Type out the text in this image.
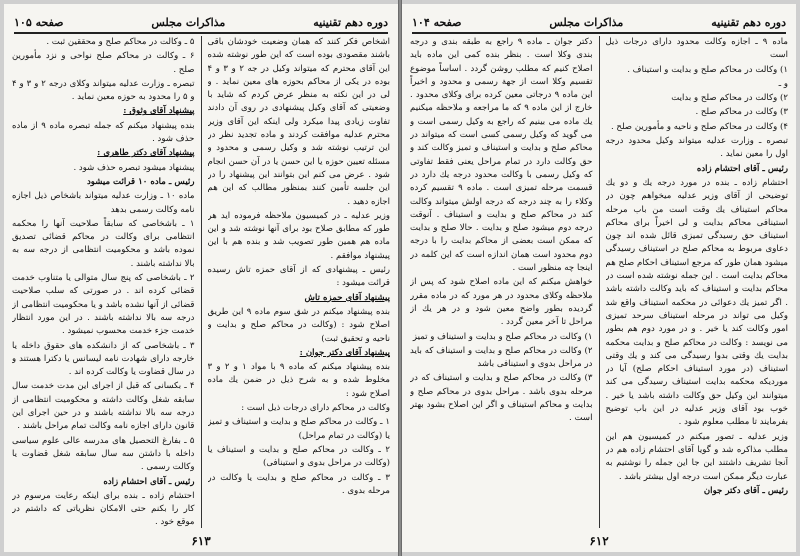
دوره دهم تقنينيه
مذاكرات مجلس
صفحه ۱۰۵

اشخاص فكر كنند كه همان وضعيت خودشان باقى باشند مقصودى بوده است كه اين طور نوشته شده اين آقاى محترم كه ميتواند وكيل در جه ۲ و ۳ و ۴ بوده در يكى از محاكم بحوزه هاى معين نمايد . و لى در اين نكته به منظر عرض كردم كه شايد با وضعيتى كه آقاى وكيل پيشنهادى در روى آن دادند تفاوت زيادى پيدا ميكرد ولى اينكه اين آقاى وزير محترم عدليه موافقت كردند و ماده تجديد نظر در اين ترتيب نوشته شد و وكيل رسمى و محدود و مسئله تعيين حوزه يا اين حسن يا در آن حسن انجام شود . عرض مى كنم اين بتوانند اين پيشنهاد را در اين جلسه تأمين كنند بمنظور مطالب كه اين هم اجازه دهيد .

وزير عدليه ـ در كميسيون ملاحظه فرموده ايد هر طور كه مطابق صلاح بود براى آنها نوشته شد و اين ماده هم همين طور تصويب شد و بنده هم با اين پيشنهاد موافقم .

رئيس ـ پيشنهادى كه از آقاى حمزه تاش رسيده قرائت ميشود :

پيشنهاد آقاى حمزه تاش

بنده پيشنهاد ميكنم در شق سوم ماده ۹ اين طريق اصلاح شود : (وكالت در محاكم صلح و بدايت و ناحيه و تحقيق ثبت)

پيشنهاد آقاى دكتر جوان :

بنده پيشنهاد ميكنم كه ماده ۹ با مواد ۱ و ۲ و ۳ مخلوط شده و به شرح ذيل در ضمن يك ماده اصلاح شود :

وكالت در محاكم داراى درجات ذيل است :

۱ ـ وكالت در محاكم صلح و بدايت و استيناف و تميز يا (وكالت در تمام مراحل)

۲ ـ وكالت در محاكم صلح و بدايت و استيناف يا (وكالت در مراحل بدوى و استينافى)

۳ ـ وكالت در محاكم صلح و بدايت يا وكالت در مرحله بدوى .

۵ ـ وكالت در محاكم صلح و محققين ثبت .

۶ ـ وكالت در محاكم صلح نواحى و نزد مأمورين صلح .

تبصره ـ وزارت عدليه ميتواند وكلاى درجه ۲ و ۳ و ۴ و ۵ را محدود به حوزه معين نمايد .

پيشنهاد آقاى وثوق :

بنده پيشنهاد ميكنم كه جمله تبصره ماده ۹ از ماده حذف شود .

پيشنهاد آقاى دكتر طاهرى :

پيشنهاد ميشود تبصره حذف شود .

رئيس ـ ماده ۱۰ قرائت ميشود

ماده ۱۰ ـ وزارت عدليه ميتواند باشخاص ذيل اجازه نامه وكالت رسمى بدهد

۱ ـ باشخاصى كه سابقاً صلاحيت آنها را محكمه انتظامى براى وكالت در محاكم قضائى تصديق نموده باشد و محكوميت انتظامى از درجه سه به بالا نداشته باشند .

۲ ـ باشخاصى كه پنج سال متوالى يا متناوب خدمت قضائى كرده اند . در صورتى كه سلب صلاحيت قضائى از آنها نشده باشد و يا محكوميت انتظامى از درجه سه بالا نداشته باشند . در اين مورد انتظار خدمت جزء خدمت محسوب نميشود .

۳ ـ باشخاصى كه از دانشكده هاى حقوق داخله يا خارجه داراى شهادت نامه ليسانس يا دكترا هستند و در سال قضاوت يا وكالت كرده اند .

۴ ـ بكسانى كه قبل از اجراى اين مدت خدمت سال سابقه شغل وكالت داشته و محكوميت انتظامى از درجه سه بالا نداشته باشند و در حين اجراى اين قانون داراى اجازه نامه وكالت تمام مراحل باشند .

۵ ـ بفارغ التحصيل هاى مدرسه عالى علوم سياسى داخله با داشتن سه سال سابقه شغل قضاوت يا وكالت رسمى .

رئيس ـ آقاى احتشام زاده

احتشام زاده ـ بنده براى اينكه رعايت مرسوم در كار را بكنم حتى الامكان نظرياتى كه داشتم در موقع خود .

۶۱۳
دوره دهم تقنينيه
مذاكرات مجلس
صفحه ۱۰۴

ماده ۹ ـ اجازه وكالت محدود داراى درجات ذيل است

۱) وكالت در محاكم صلح و بدايت و استيناف .

و ـ

۲) وكالت در محاكم صلح و بدايت

۳) وكالت در محاكم صلح .

۴) وكالت در محاكم صلح و ناحيه و مأمورين صلح .

تبصره ـ وزارت عدليه ميتواند وكيل محدود درجه اول را معين نمايد .

رئيس ـ آقاى احتشام زاده

احتشام زاده ـ بنده در مورد درجه يك و دو يك توضيحى از آقاى وزير عدليه ميخواهم چون در محاكم استيناف يك وقت است من باب مرحله استينافى محاكم بدايت و لى اخيراً براى محاكم استيناف حق رسيدگى تميزى قائل شده اند چون دعاوى مربوط به محاكم صلح در استيناف رسيدگى ميشود همان طور كه مرجع استيناف احكام صلح هم محاكم بدايت است . اين جمله نوشته شده است در محاكم بدايت و استيناف كه بايد وكالت داشته باشد . اگر تميز يك دعوائى در محكمه استيناف واقع شد وكيل مى تواند در مرحله استيناف سرحد تميزى امور وكالت كند يا خير . و در مورد دوم هم بطور مى نويسد : وكالت در محاكم صلح و بدايت محكمه بدايت يك وقتى بدوا رسيدگى مى كند و يك وقتى استيناف (در مورد استيناف احكام صلح) آيا در مورديكه محكمه بدايت استيناف رسيدگى مى كند ميتوانند اين وكيل حق وكالت داشته باشد يا خير . خوب بود آقاى وزير عدليه در اين باب توضيح بفرمايند تا مطلب معلوم شود .

وزير عدليه ـ تصور ميكنم در كميسيون هم اين مطلب مذاكره شد و گويا آقاى احتشام زاده هم در آنجا تشريف داشتند اين جا اين جمله را نوشتيم به عبارت ديگر ممكن است درجه اول بيشتر باشد .

رئيس ـ آقاى دكتر جوان

دكتر جوان ـ ماده ۹ راجع به طبقه بندى و درجه بندى وكلا است . بنظر بنده كمى اين ماده بايد اصلاح كنيم كه مطلب روشن گردد . اساساً موضوع تقسيم وكلا است از جهة رسمى و محدود و اخيراً اين ماده ۹ درجاتى معين كرده براى وكلاى محدود . خارج از اين ماده ۹ كه ما مراجعه و ملاحظه ميكنيم يك ماده مى بينيم كه راجع به وكيل رسمى است و مى گويد كه وكيل رسمى كسى است كه ميتواند در محاكم صلح و بدايت و استيناف و تميز وكالت كند و حق وكالت دارد در تمام مراحل يعنى فقط تفاوتى كه وكيل رسمى با وكالت محدود درجه يك دارد در قسمت مرحله تميزى است . ماده ۹ تقسيم كرده وكلاء را به چند درجه كه درجه اولش ميتواند وكالت كند در محاكم صلح و بدايت و استيناف . آنوقت درجه دوم ميشود صلح و بدايت . حالا صلح و بدايت كه ممكن است بعضى از محاكم بدايت را با درجه دوم محدود است همان اندازه است كه اين كلمه در اينجا چه منظور است .

خواهش ميكنم كه اين ماده اصلاح شود كه پس از ملاحظه وكلاى محدود در هر مورد كه در ماده مقرر گرديده بطور واضح معين شود و در هر يك از مراحل تا آخر معين گردد .

۱) وكالت در محاكم صلح و بدايت و استيناف و تميز

۲) وكالت در محاكم صلح و بدايت و استيناف كه بايد در مراحل بدوى و استينافى باشد

۳) وكالت در محاكم صلح و بدايت و استيناف كه در مرحله بدوى باشد . مراحل بدوى در محاكم صلح و بدايت و محاكم استيناف و اگر اين اصلاح بشود بهتر است .

۶۱۲
